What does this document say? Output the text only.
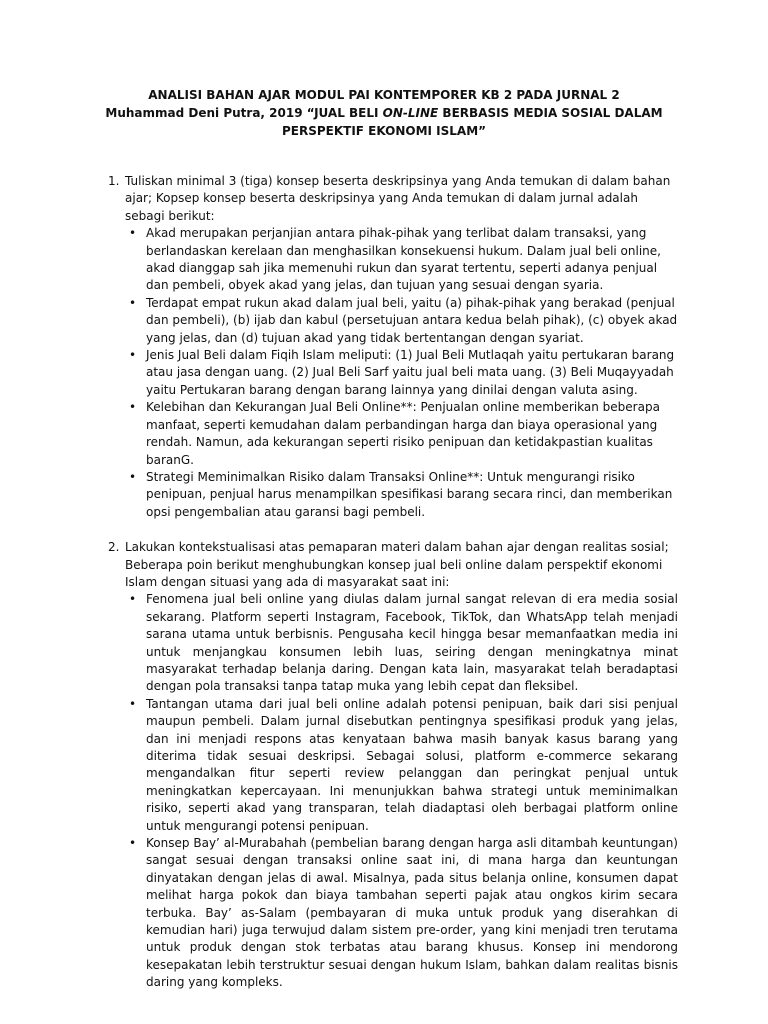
ANALISI BAHAN AJAR MODUL PAI KONTEMPORER KB 2 PADA JURNAL 2
Muhammad Deni Putra, 2019 “JUAL BELI ON-LINE BERBASIS MEDIA SOSIAL DALAM PERSPEKTIF EKONOMI ISLAM”
1. Tuliskan minimal 3 (tiga) konsep beserta deskripsinya yang Anda temukan di dalam bahan ajar; Kopsep konsep beserta deskripsinya yang Anda temukan di dalam jurnal adalah sebagi berikut:
• Akad merupakan perjanjian antara pihak-pihak yang terlibat dalam transaksi, yang berlandaskan kerelaan dan menghasilkan konsekuensi hukum. Dalam jual beli online, akad dianggap sah jika memenuhi rukun dan syarat tertentu, seperti adanya penjual dan pembeli, obyek akad yang jelas, dan tujuan yang sesuai dengan syaria.
• Terdapat empat rukun akad dalam jual beli, yaitu (a) pihak-pihak yang berakad (penjual dan pembeli), (b) ijab dan kabul (persetujuan antara kedua belah pihak), (c) obyek akad yang jelas, dan (d) tujuan akad yang tidak bertentangan dengan syariat.
• Jenis Jual Beli dalam Fiqih Islam meliputi: (1) Jual Beli Mutlaqah yaitu pertukaran barang atau jasa dengan uang. (2) Jual Beli Sarf yaitu jual beli mata uang. (3) Beli Muqayyadah yaitu Pertukaran barang dengan barang lainnya yang dinilai dengan valuta asing.
• Kelebihan dan Kekurangan Jual Beli Online**: Penjualan online memberikan beberapa manfaat, seperti kemudahan dalam perbandingan harga dan biaya operasional yang rendah. Namun, ada kekurangan seperti risiko penipuan dan ketidakpastian kualitas baranG.
• Strategi Meminimalkan Risiko dalam Transaksi Online**: Untuk mengurangi risiko penipuan, penjual harus menampilkan spesifikasi barang secara rinci, dan memberikan opsi pengembalian atau garansi bagi pembeli.
2. Lakukan kontekstualisasi atas pemaparan materi dalam bahan ajar dengan realitas sosial; Beberapa poin berikut menghubungkan konsep jual beli online dalam perspektif ekonomi Islam dengan situasi yang ada di masyarakat saat ini:
• Fenomena jual beli online yang diulas dalam jurnal sangat relevan di era media sosial sekarang. Platform seperti Instagram, Facebook, TikTok, dan WhatsApp telah menjadi sarana utama untuk berbisnis. Pengusaha kecil hingga besar memanfaatkan media ini untuk menjangkau konsumen lebih luas, seiring dengan meningkatnya minat masyarakat terhadap belanja daring. Dengan kata lain, masyarakat telah beradaptasi dengan pola transaksi tanpa tatap muka yang lebih cepat dan fleksibel.
• Tantangan utama dari jual beli online adalah potensi penipuan, baik dari sisi penjual maupun pembeli. Dalam jurnal disebutkan pentingnya spesifikasi produk yang jelas, dan ini menjadi respons atas kenyataan bahwa masih banyak kasus barang yang diterima tidak sesuai deskripsi. Sebagai solusi, platform e-commerce sekarang mengandalkan fitur seperti review pelanggan dan peringkat penjual untuk meningkatkan kepercayaan. Ini menunjukkan bahwa strategi untuk meminimalkan risiko, seperti akad yang transparan, telah diadaptasi oleh berbagai platform online untuk mengurangi potensi penipuan.
• Konsep Bay’ al-Murabahah (pembelian barang dengan harga asli ditambah keuntungan) sangat sesuai dengan transaksi online saat ini, di mana harga dan keuntungan dinyatakan dengan jelas di awal. Misalnya, pada situs belanja online, konsumen dapat melihat harga pokok dan biaya tambahan seperti pajak atau ongkos kirim secara terbuka. Bay’ as-Salam (pembayaran di muka untuk produk yang diserahkan di kemudian hari) juga terwujud dalam sistem pre-order, yang kini menjadi tren terutama untuk produk dengan stok terbatas atau barang khusus. Konsep ini mendorong kesepakatan lebih terstruktur sesuai dengan hukum Islam, bahkan dalam realitas bisnis daring yang kompleks.
